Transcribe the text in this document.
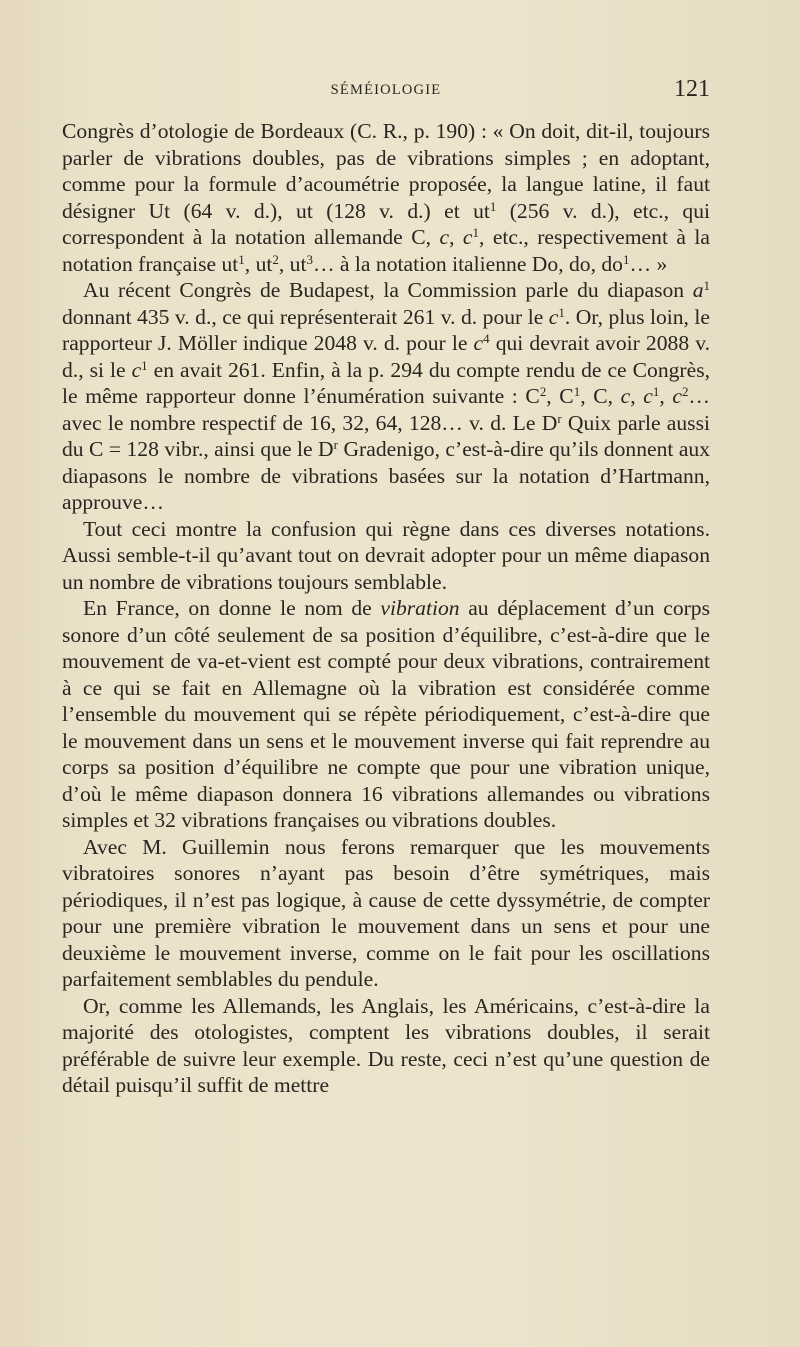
SÉMÉIOLOGIE	121

Congrès d’otologie de Bordeaux (C. R., p. 190) : « On doit, dit-il, toujours parler de vibrations doubles, pas de vibrations simples ; en adoptant, comme pour la formule d’acoumétrie proposée, la langue latine, il faut désigner Ut (64 v. d.), ut (128 v. d.) et $ut^1$ (256 v. d.), etc., qui correspondent à la notation allemande C, c, $c^1$, etc., respectivement à la notation française $ut^1$, $ut^2$, $ut^3\dots$ à la notation italienne Do, do, $do^1\dots$ »

Au récent Congrès de Budapest, la Commission parle du diapason $a^1$ donnant 435 v. d., ce qui représenterait 261 v. d. pour le $c^1$. Or, plus loin, le rapporteur J. Möller indique 2048 v. d. pour le $c^4$ qui devrait avoir 2088 v. d., si le $c^1$ en avait 261. Enfin, à la p. 294 du compte rendu de ce Congrès, le même rapporteur donne l’énumération suivante : $C^2$, $C^1$, C, c, $c^1$, $c^2\dots$ avec le nombre respectif de 16, 32, 64, 128… v. d. Le $D^r$ Quix parle aussi du C = 128 vibr., ainsi que le $D^r$ Gradenigo, c’est-à-dire qu’ils donnent aux diapasons le nombre de vibrations basées sur la notation d’Hartmann, approuve…

Tout ceci montre la confusion qui règne dans ces diverses notations. Aussi semble-t-il qu’avant tout on devrait adopter pour un même diapason un nombre de vibrations toujours semblable.

En France, on donne le nom de vibration au déplacement d’un corps sonore d’un côté seulement de sa position d’équilibre, c’est-à-dire que le mouvement de va-et-vient est compté pour deux vibrations, contrairement à ce qui se fait en Allemagne où la vibration est considérée comme l’ensemble du mouvement qui se répète périodiquement, c’est-à-dire que le mouvement dans un sens et le mouvement inverse qui fait reprendre au corps sa position d’équilibre ne compte que pour une vibration unique, d’où le même diapason donnera 16 vibrations allemandes ou vibrations simples et 32 vibrations françaises ou vibrations doubles.

Avec M. Guillemin nous ferons remarquer que les mouvements vibratoires sonores n’ayant pas besoin d’être symétriques, mais périodiques, il n’est pas logique, à cause de cette dyssymétrie, de compter pour une première vibration le mouvement dans un sens et pour une deuxième le mouvement inverse, comme on le fait pour les oscillations parfaitement semblables du pendule.

Or, comme les Allemands, les Anglais, les Américains, c’est-à-dire la majorité des otologistes, comptent les vibrations doubles, il serait préférable de suivre leur exemple. Du reste, ceci n’est qu’une question de détail puisqu’il suffit de mettre
